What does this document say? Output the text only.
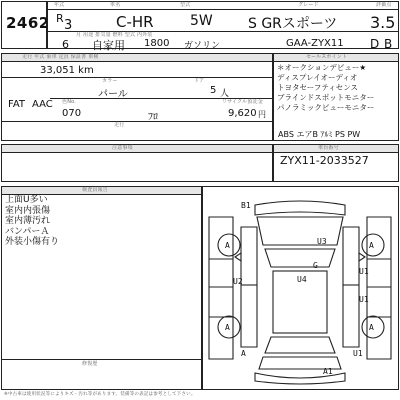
年式	車名	型式	グレード	評価点
2462 R 3	C-HR	5W	S GRスポーツ 3.5
月 用途 排気量 燃料 型式 内外装
6 自家用 1800 ガソリン	GAA-ZYX11 D B
走行 年式 乗車 定員 保証書 車検
33,051 km
カラー
パール
ドア
5 人
FAT AAC 色No.	リサイクル預託金
070	ﾌﾛ	9,620 円
走行
セールスポイント
＊オークションデビュー★
ディスプレイオーディオ
トヨタセーフティセンス
ブラインドスポットモニター
パノラミックビューモニター
ABS エアB ｱﾙﾐ PS PW
注意事項	車台番号
ZYX11-2033527
検査員報告
上面U多い
室内内張傷
室内薄汚れ
バンパーＡ
外装小傷有り
修復歴
B1
A	U3	A
G
U2	U4
U1
A
U1
A
A	U1
A1
※中古車は使用状況等によりキズ・汚れ等があります。装備等の表記は参考として下さい。
